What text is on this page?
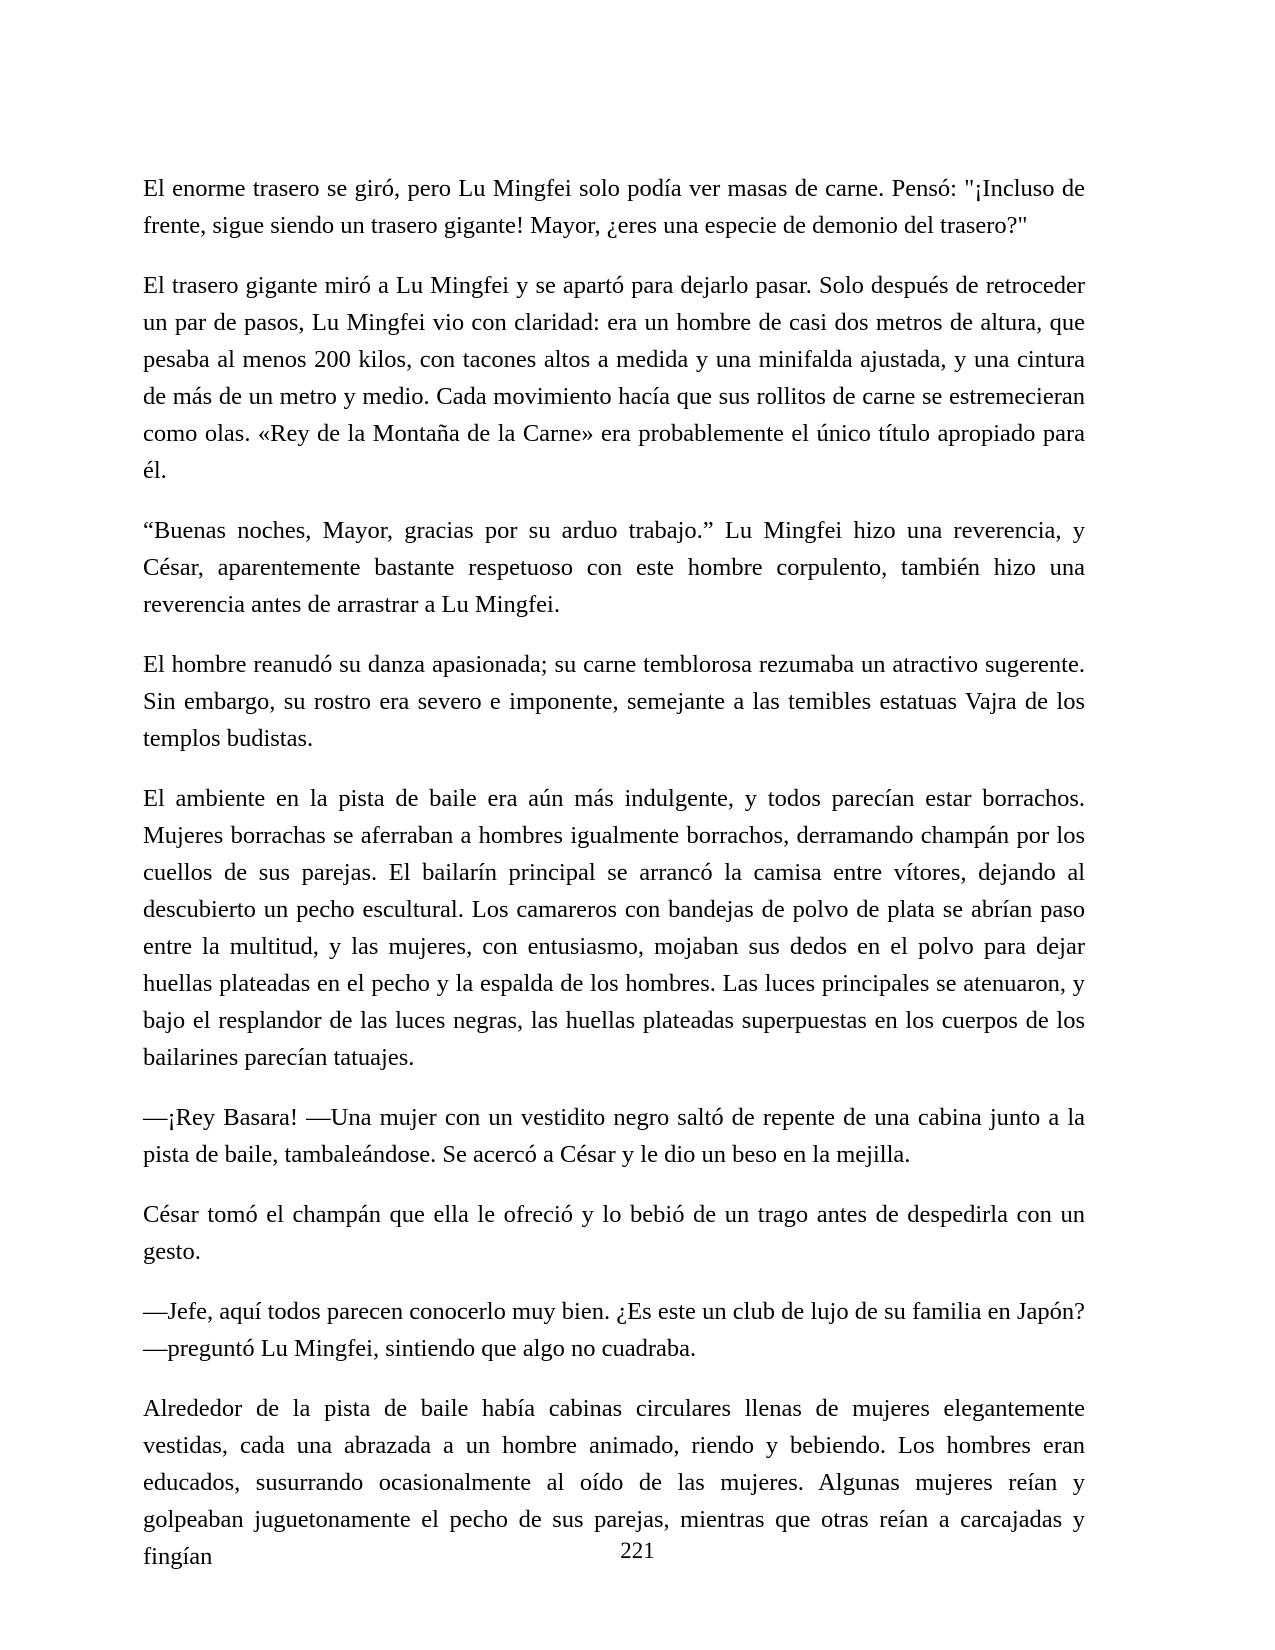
El enorme trasero se giró, pero Lu Mingfei solo podía ver masas de carne. Pensó: "¡Incluso de frente, sigue siendo un trasero gigante! Mayor, ¿eres una especie de demonio del trasero?"

El trasero gigante miró a Lu Mingfei y se apartó para dejarlo pasar. Solo después de retroceder un par de pasos, Lu Mingfei vio con claridad: era un hombre de casi dos metros de altura, que pesaba al menos 200 kilos, con tacones altos a medida y una minifalda ajustada, y una cintura de más de un metro y medio. Cada movimiento hacía que sus rollitos de carne se estremecieran como olas. «Rey de la Montaña de la Carne» era probablemente el único título apropiado para él.

“Buenas noches, Mayor, gracias por su arduo trabajo.” Lu Mingfei hizo una reverencia, y César, aparentemente bastante respetuoso con este hombre corpulento, también hizo una reverencia antes de arrastrar a Lu Mingfei.

El hombre reanudó su danza apasionada; su carne temblorosa rezumaba un atractivo sugerente. Sin embargo, su rostro era severo e imponente, semejante a las temibles estatuas Vajra de los templos budistas.

El ambiente en la pista de baile era aún más indulgente, y todos parecían estar borrachos. Mujeres borrachas se aferraban a hombres igualmente borrachos, derramando champán por los cuellos de sus parejas. El bailarín principal se arrancó la camisa entre vítores, dejando al descubierto un pecho escultural. Los camareros con bandejas de polvo de plata se abrían paso entre la multitud, y las mujeres, con entusiasmo, mojaban sus dedos en el polvo para dejar huellas plateadas en el pecho y la espalda de los hombres. Las luces principales se atenuaron, y bajo el resplandor de las luces negras, las huellas plateadas superpuestas en los cuerpos de los bailarines parecían tatuajes.

—¡Rey Basara! —Una mujer con un vestidito negro saltó de repente de una cabina junto a la pista de baile, tambaleándose. Se acercó a César y le dio un beso en la mejilla.

César tomó el champán que ella le ofreció y lo bebió de un trago antes de despedirla con un gesto.

—Jefe, aquí todos parecen conocerlo muy bien. ¿Es este un club de lujo de su familia en Japón? —preguntó Lu Mingfei, sintiendo que algo no cuadraba.

Alrededor de la pista de baile había cabinas circulares llenas de mujeres elegantemente vestidas, cada una abrazada a un hombre animado, riendo y bebiendo. Los hombres eran educados, susurrando ocasionalmente al oído de las mujeres. Algunas mujeres reían y golpeaban juguetonamente el pecho de sus parejas, mientras que otras reían a carcajadas y fingían	221
